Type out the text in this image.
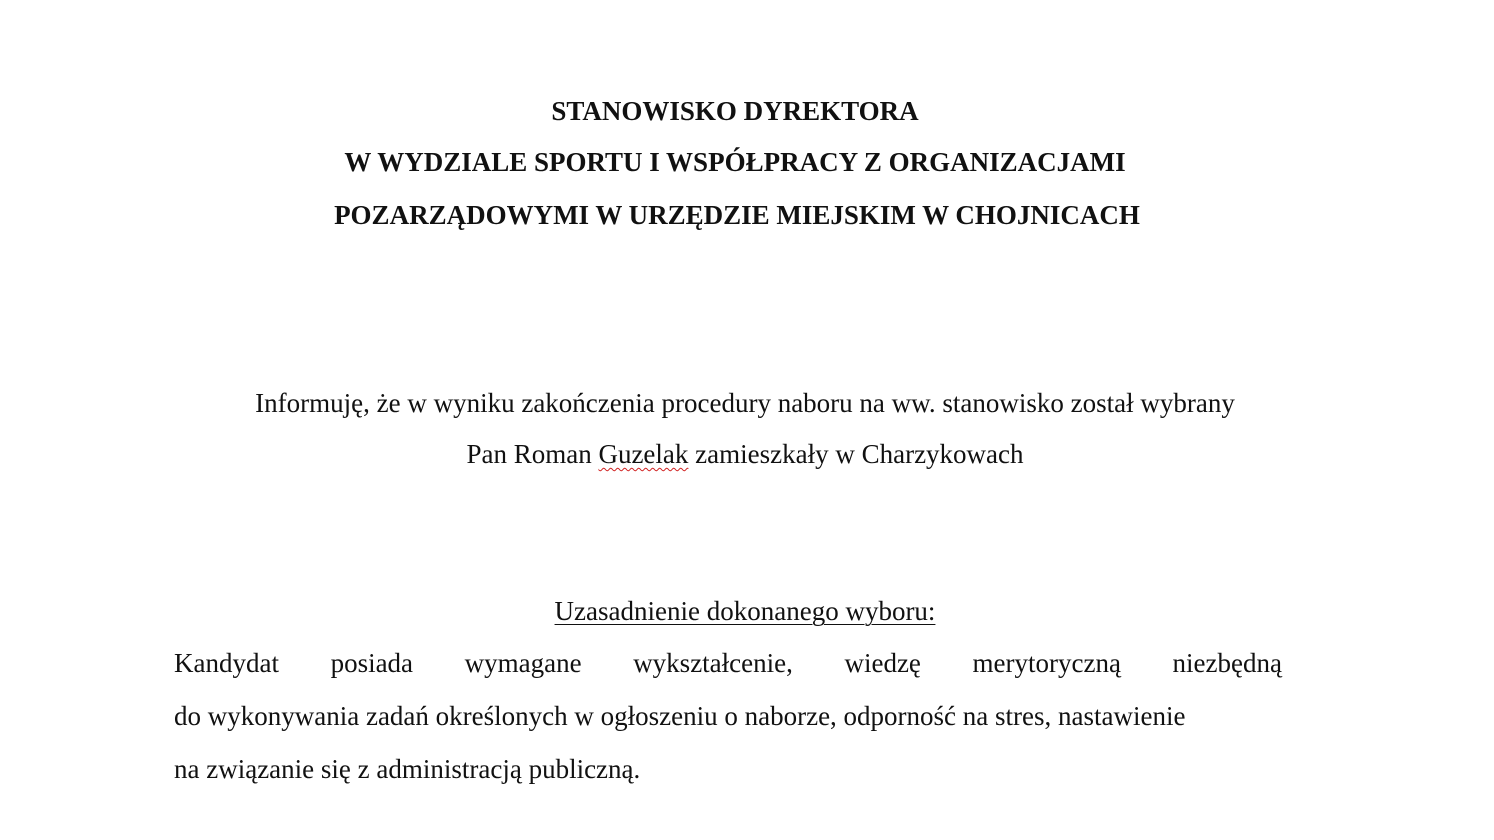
STANOWISKO DYREKTORA
W WYDZIALE SPORTU I WSPÓŁPRACY Z ORGANIZACJAMI
POZARZĄDOWYMI W URZĘDZIE MIEJSKIM W CHOJNICACH
Informuję, że w wyniku zakończenia procedury naboru na ww. stanowisko został wybrany
Pan Roman Guzelak zamieszkały w Charzykowach
Uzasadnienie dokonanego wyboru:
Kandydat posiada wymagane wykształcenie, wiedzę merytoryczną niezbędną
do wykonywania zadań określonych w ogłoszeniu o naborze, odporność na stres, nastawienie
na związanie się z administracją publiczną.
